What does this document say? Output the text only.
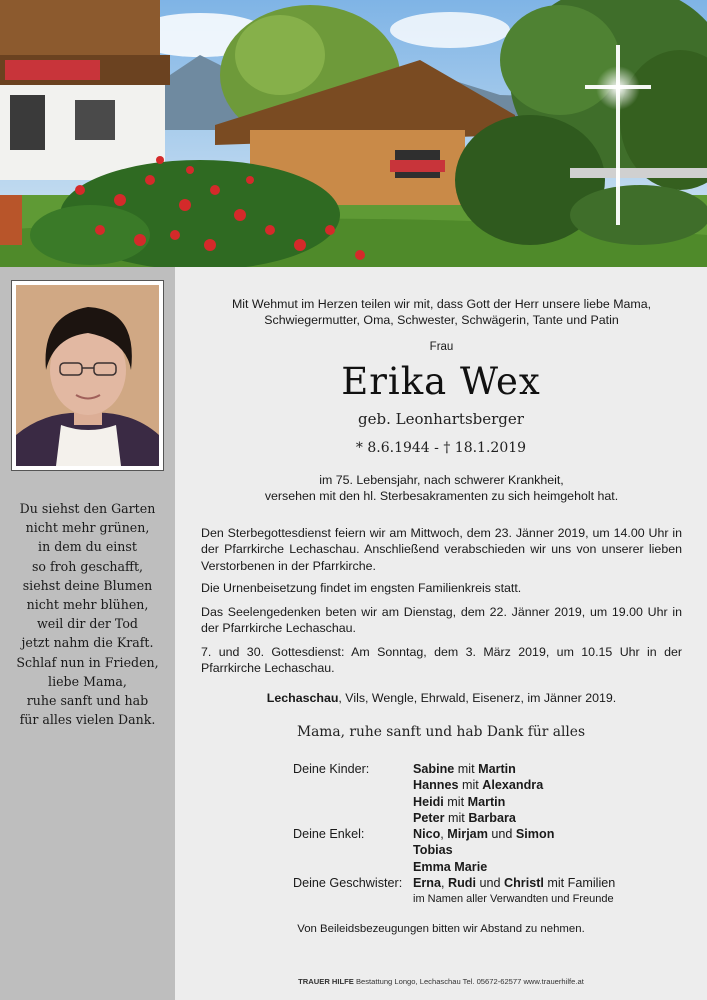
Du siehst den Garten
nicht mehr grünen,
in dem du einst
so froh geschafft,
siehst deine Blumen
nicht mehr blühen,
weil dir der Tod
jetzt nahm die Kraft.
Schlaf nun in Frieden,
liebe Mama,
ruhe sanft und hab
für alles vielen Dank.
Mit Wehmut im Herzen teilen wir mit, dass Gott der Herr unsere liebe Mama,
Schwiegermutter, Oma, Schwester, Schwägerin, Tante und Patin
Frau
Erika Wex
geb. Leonhartsberger
* 8.6.1944 - † 18.1.2019
im 75. Lebensjahr, nach schwerer Krankheit,
versehen mit den hl. Sterbesakramenten zu sich heimgeholt hat.
Den Sterbegottesdienst feiern wir am Mittwoch, dem 23. Jänner 2019, um 14.00 Uhr in der Pfarrkirche Lechaschau. Anschließend verabschieden wir uns von unserer lieben Verstorbenen in der Pfarrkirche.
Die Urnenbeisetzung findet im engsten Familienkreis statt.
Das Seelengedenken beten wir am Dienstag, dem 22. Jänner 2019, um 19.00 Uhr in der Pfarrkirche Lechaschau.
7. und 30. Gottesdienst: Am Sonntag, dem 3. März 2019, um 10.15 Uhr in der Pfarrkirche Lechaschau.
Lechaschau, Vils, Wengle, Ehrwald, Eisenerz, im Jänner 2019.
Mama, ruhe sanft und hab Dank für alles
Deine Kinder:	Sabine mit Martin
Hannes mit Alexandra
Heidi mit Martin
Peter mit Barbara
Deine Enkel:	Nico, Mirjam und Simon
Tobias
Emma Marie
Deine Geschwister: Erna, Rudi und Christl mit Familien
im Namen aller Verwandten und Freunde
Von Beileidsbezeugungen bitten wir Abstand zu nehmen.
TRAUER HILFE Bestattung Longo, Lechaschau Tel. 05672-62577 www.trauerhilfe.at
